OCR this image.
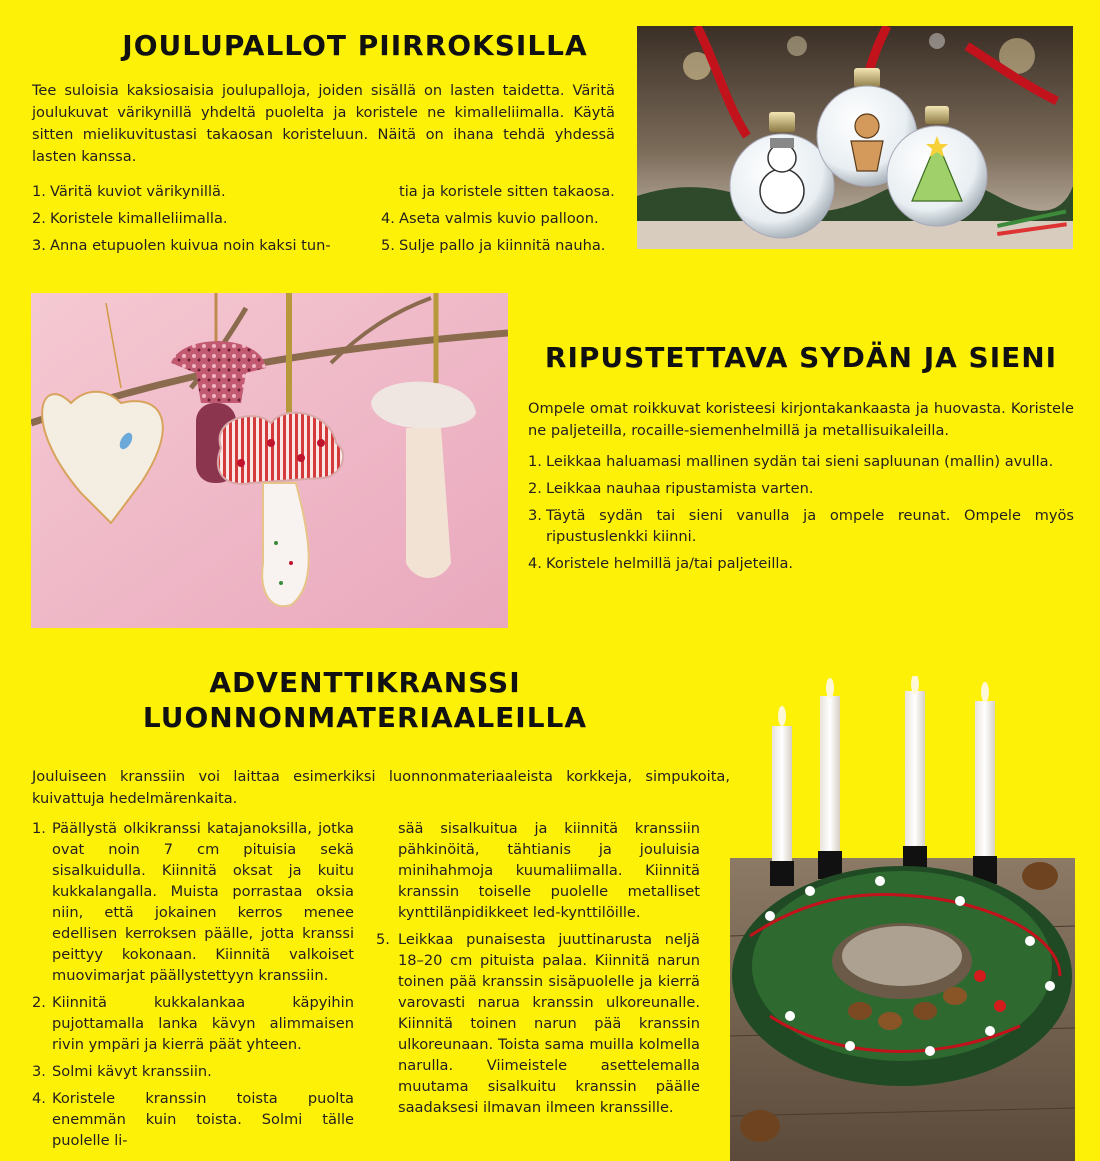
JOULUPALLOT PIIRROKSILLA
Tee suloisia kaksiosaisia joulupalloja, joiden sisällä on lasten taidetta. Väritä joulukuvat värikynillä yhdeltä puolelta ja koristele ne kimalleliimalla. Käytä sitten mielikuvitustasi takaosan koristeluun. Näitä on ihana tehdä yhdessä lasten kanssa.
1. Väritä kuviot värikynillä.
2. Koristele kimalleliimalla.
3. Anna etupuolen kuivua noin kaksi tun-
tia ja koristele sitten takaosa.
4. Aseta valmis kuvio palloon.
5. Sulje pallo ja kiinnitä nauha.
RIPUSTETTAVA SYDÄN JA SIENI
Ompele omat roikkuvat koristeesi kirjontakankaasta ja huovasta. Koristele ne paljeteilla, rocaille-siemenhelmillä ja metallisuikaleilla.
1. Leikkaa haluamasi mallinen sydän tai sieni sapluunan (mallin) avulla.
2. Leikkaa nauhaa ripustamista varten.
3. Täytä sydän tai sieni vanulla ja ompele reunat. Ompele myös ripustuslenkki kiinni.
4. Koristele helmillä ja/tai paljeteilla.
ADVENTTIKRANSSI
LUONNONMATERIAALEILLA
Jouluiseen kranssiin voi laittaa esimerkiksi luonnonmateriaaleista korkkeja, simpukoita, kuivattuja hedelmärenkaita.
1. Päällystä olkikranssi katajanoksilla, jotka ovat noin 7 cm pituisia sekä sisalkuidulla. Kiinnitä oksat ja kuitu kukkalangalla. Muista porrastaa oksia niin, että jokainen kerros menee edellisen kerroksen päälle, jotta kranssi peittyy kokonaan. Kiinnitä valkoiset muovimarjat päällystettyyn kranssiin.
2. Kiinnitä kukkalankaa käpyihin pujottamalla lanka kävyn alimmaisen rivin ympäri ja kierrä päät yhteen.
3. Solmi kävyt kranssiin.
4. Koristele kranssin toista puolta enemmän kuin toista. Solmi tälle puolelle li-
sää sisalkuitua ja kiinnitä kranssiin pähkinöitä, tähtianis ja jouluisia minihahmoja kuumaliimalla. Kiinnitä kranssin toiselle puolelle metalliset kynttilänpidikkeet led-kynttilöille.
5. Leikkaa punaisesta juuttinarusta neljä 18–20 cm pituista palaa. Kiinnitä narun toinen pää kranssin sisäpuolelle ja kierrä varovasti narua kranssin ulkoreunalle. Kiinnitä toinen narun pää kranssin ulkoreunaan. Toista sama muilla kolmella narulla. Viimeistele asettelemalla muutama sisalkuitu kranssin päälle saadaksesi ilmavan ilmeen kranssille.
